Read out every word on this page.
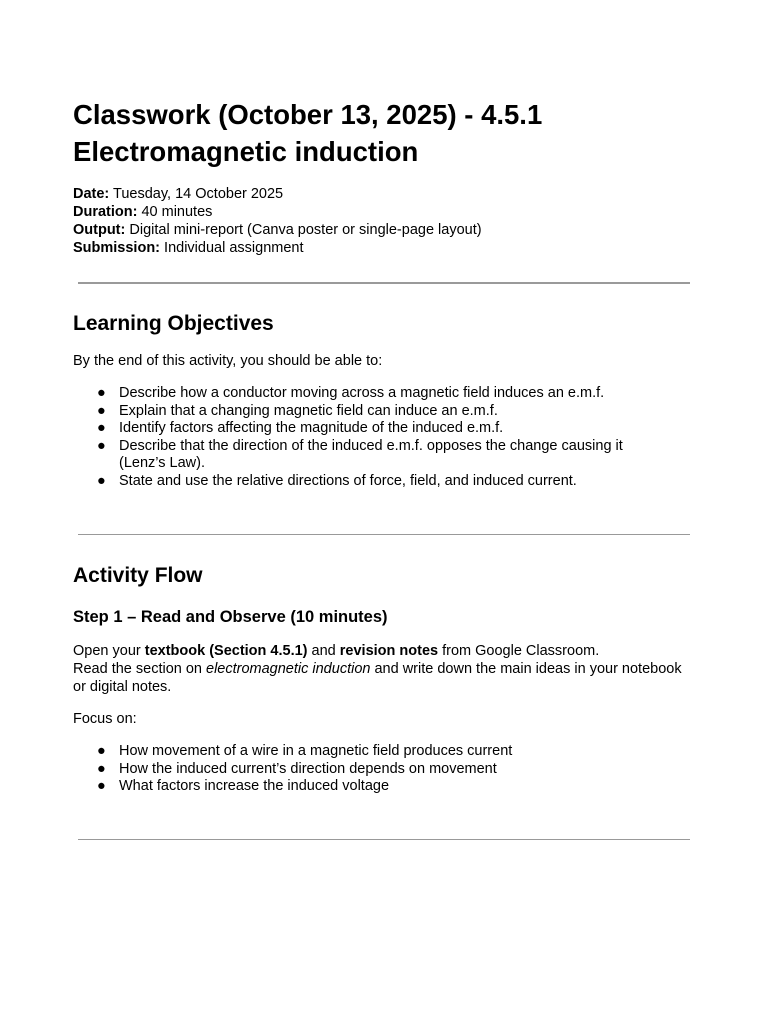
Classwork (October 13, 2025) - 4.5.1 Electromagnetic induction
Date: Tuesday, 14 October 2025
Duration: 40 minutes
Output: Digital mini-report (Canva poster or single-page layout)
Submission: Individual assignment
Learning Objectives

By the end of this activity, you should be able to:

● Describe how a conductor moving across a magnetic field induces an e.m.f.
● Explain that a changing magnetic field can induce an e.m.f.
● Identify factors affecting the magnitude of the induced e.m.f.
● Describe that the direction of the induced e.m.f. opposes the change causing it (Lenz’s Law).
● State and use the relative directions of force, field, and induced current.
Activity Flow
Step 1 – Read and Observe (10 minutes)

Open your textbook (Section 4.5.1) and revision notes from Google Classroom.
Read the section on electromagnetic induction and write down the main ideas in your notebook or digital notes.

Focus on:

● How movement of a wire in a magnetic field produces current
● How the induced current’s direction depends on movement
● What factors increase the induced voltage
